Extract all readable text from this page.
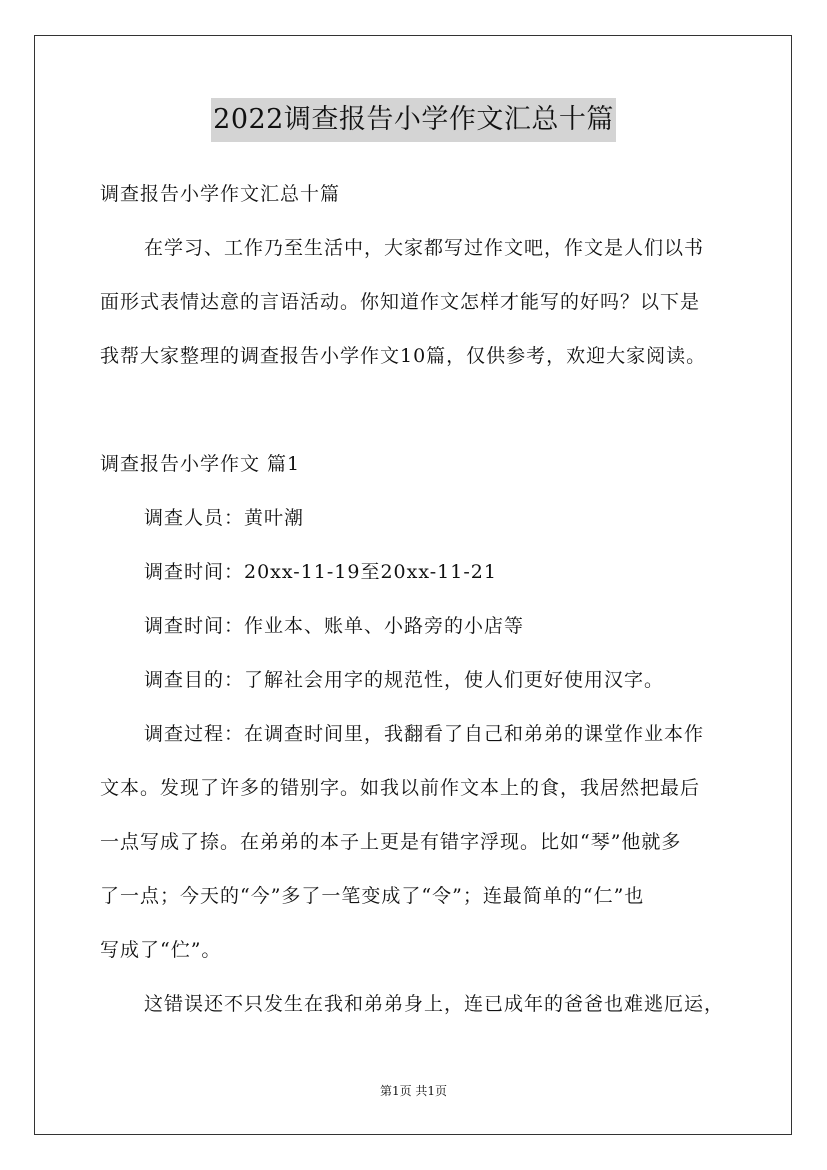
2022调查报告小学作文汇总十篇
调查报告小学作文汇总十篇
在学习、工作乃至生活中，大家都写过作文吧，作文是人们以书
面形式表情达意的言语活动。你知道作文怎样才能写的好吗？以下是
我帮大家整理的调查报告小学作文10篇，仅供参考，欢迎大家阅读。
调查报告小学作文 篇1
调查人员：黄叶潮
调查时间：20xx-11-19至20xx-11-21
调查时间：作业本、账单、小路旁的小店等
调查目的：了解社会用字的规范性，使人们更好使用汉字。
调查过程：在调查时间里，我翻看了自己和弟弟的课堂作业本作
文本。发现了许多的错别字。如我以前作文本上的食，我居然把最后
一点写成了捺。在弟弟的本子上更是有错字浮现。比如“琴”他就多
了一点；今天的“今”多了一笔变成了“令”；连最简单的“仁”也
写成了“伫”。
这错误还不只发生在我和弟弟身上，连已成年的爸爸也难逃厄运，
第1页 共1页
